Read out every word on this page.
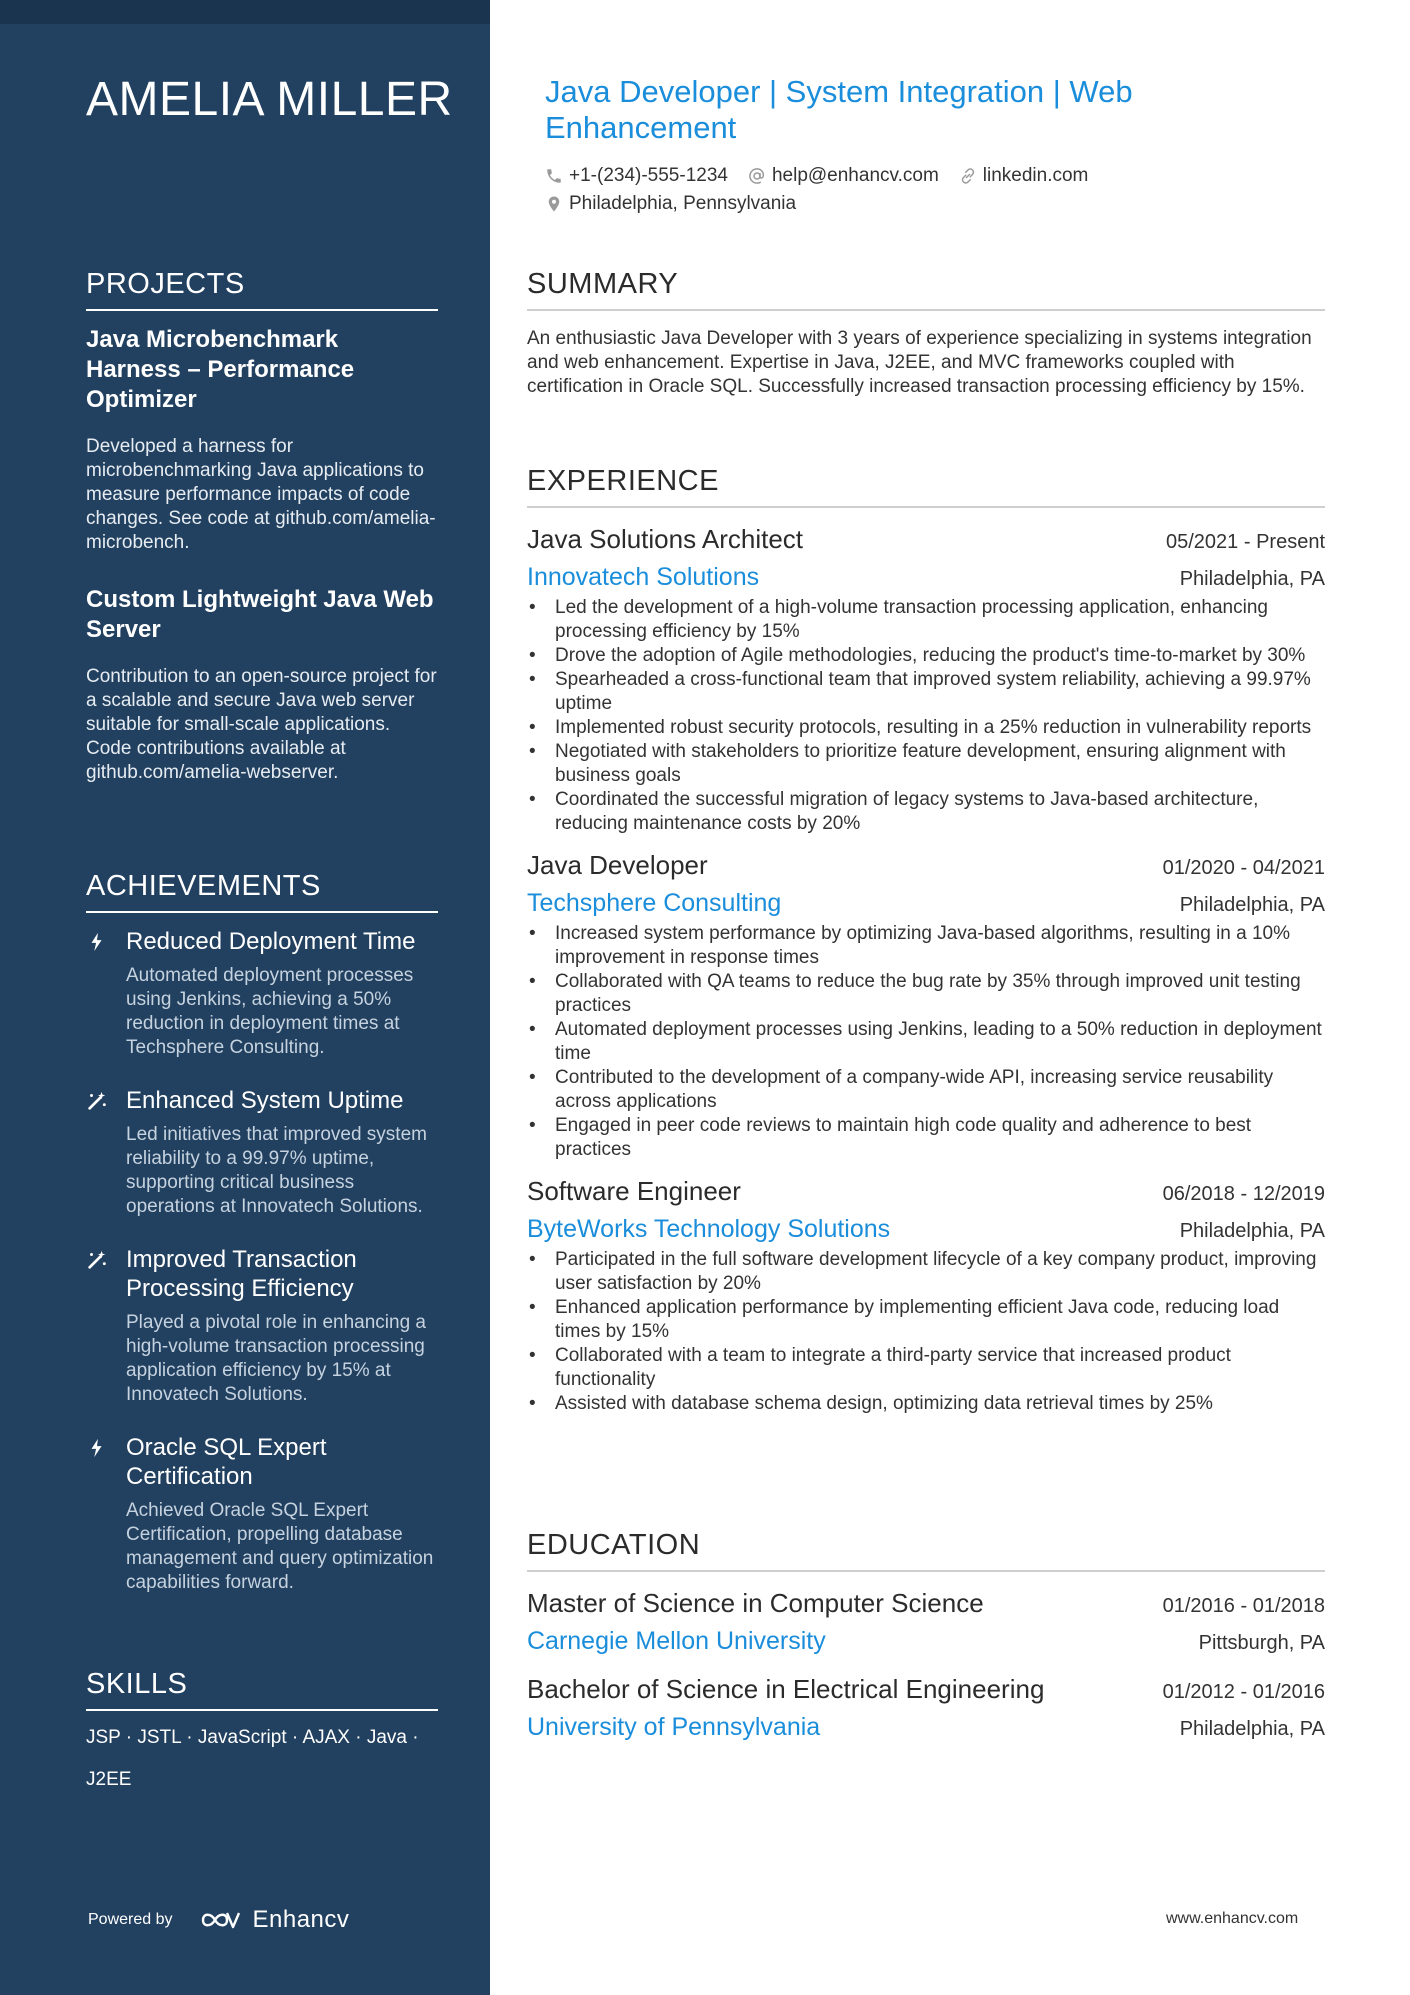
AMELIA MILLER
PROJECTS
Java Microbenchmark Harness – Performance Optimizer
Developed a harness for microbenchmarking Java applications to measure performance impacts of code changes. See code at github.com/amelia-microbench.
Custom Lightweight Java Web Server
Contribution to an open-source project for a scalable and secure Java web server suitable for small-scale applications. Code contributions available at github.com/amelia-webserver.
ACHIEVEMENTS
Reduced Deployment Time
Automated deployment processes using Jenkins, achieving a 50% reduction in deployment times at Techsphere Consulting.
Enhanced System Uptime
Led initiatives that improved system reliability to a 99.97% uptime, supporting critical business operations at Innovatech Solutions.
Improved Transaction Processing Efficiency
Played a pivotal role in enhancing a high-volume transaction processing application efficiency by 15% at Innovatech Solutions.
Oracle SQL Expert Certification
Achieved Oracle SQL Expert Certification, propelling database management and query optimization capabilities forward.
SKILLS
JSP · JSTL · JavaScript · AJAX · Java ·
J2EE
Powered by	Enhancv
Java Developer | System Integration | Web Enhancement
+1-(234)-555-1234 help@enhancv.com linkedin.com
Philadelphia, Pennsylvania
SUMMARY
An enthusiastic Java Developer with 3 years of experience specializing in systems integration and web enhancement. Expertise in Java, J2EE, and MVC frameworks coupled with certification in Oracle SQL. Successfully increased transaction processing efficiency by 15%.
EXPERIENCE
Java Solutions Architect	05/2021 - Present
Innovatech Solutions	Philadelphia, PA
• Led the development of a high-volume transaction processing application, enhancing processing efficiency by 15%
• Drove the adoption of Agile methodologies, reducing the product's time-to-market by 30%
• Spearheaded a cross-functional team that improved system reliability, achieving a 99.97% uptime
• Implemented robust security protocols, resulting in a 25% reduction in vulnerability reports
• Negotiated with stakeholders to prioritize feature development, ensuring alignment with business goals
• Coordinated the successful migration of legacy systems to Java-based architecture, reducing maintenance costs by 20%
Java Developer	01/2020 - 04/2021
Techsphere Consulting	Philadelphia, PA
• Increased system performance by optimizing Java-based algorithms, resulting in a 10% improvement in response times
• Collaborated with QA teams to reduce the bug rate by 35% through improved unit testing practices
• Automated deployment processes using Jenkins, leading to a 50% reduction in deployment time
• Contributed to the development of a company-wide API, increasing service reusability across applications
• Engaged in peer code reviews to maintain high code quality and adherence to best practices
Software Engineer	06/2018 - 12/2019
ByteWorks Technology Solutions	Philadelphia, PA
• Participated in the full software development lifecycle of a key company product, improving user satisfaction by 20%
• Enhanced application performance by implementing efficient Java code, reducing load times by 15%
• Collaborated with a team to integrate a third-party service that increased product functionality
• Assisted with database schema design, optimizing data retrieval times by 25%
EDUCATION
Master of Science in Computer Science	01/2016 - 01/2018
Carnegie Mellon University	Pittsburgh, PA
Bachelor of Science in Electrical Engineering	01/2012 - 01/2016
University of Pennsylvania	Philadelphia, PA
www.enhancv.com
